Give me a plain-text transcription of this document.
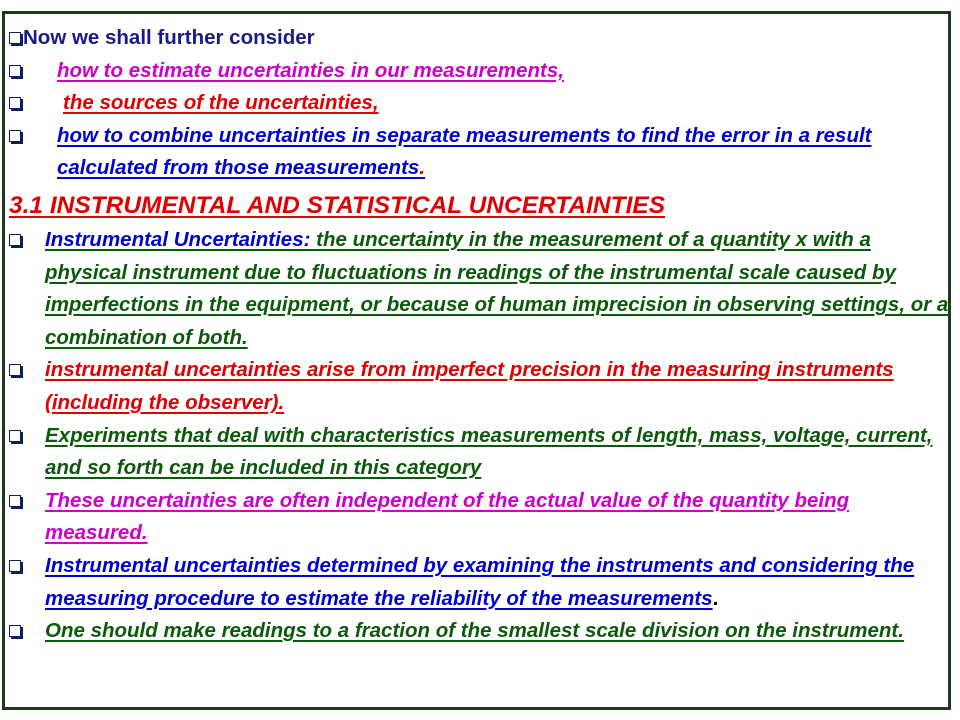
Now we shall further consider
how to estimate uncertainties in our measurements,
the sources of the uncertainties,
how to combine uncertainties in separate measurements to find the error in a result calculated from those measurements.
3.1 INSTRUMENTAL AND STATISTICAL UNCERTAINTIES
Instrumental Uncertainties: the uncertainty in the measurement of a quantity x with a physical instrument due to fluctuations in readings of the instrumental scale caused by imperfections in the equipment, or because of human imprecision in observing settings, or a combination of both.
instrumental uncertainties arise from imperfect precision in the measuring instruments (including the observer).
Experiments that deal with characteristics measurements of length, mass, voltage, current, and so forth can be included in this category
These uncertainties are often independent of the actual value of the quantity being measured.
Instrumental uncertainties determined by examining the instruments and considering the measuring procedure to estimate the reliability of the measurements.
One should make readings to a fraction of the smallest scale division on the instrument.
